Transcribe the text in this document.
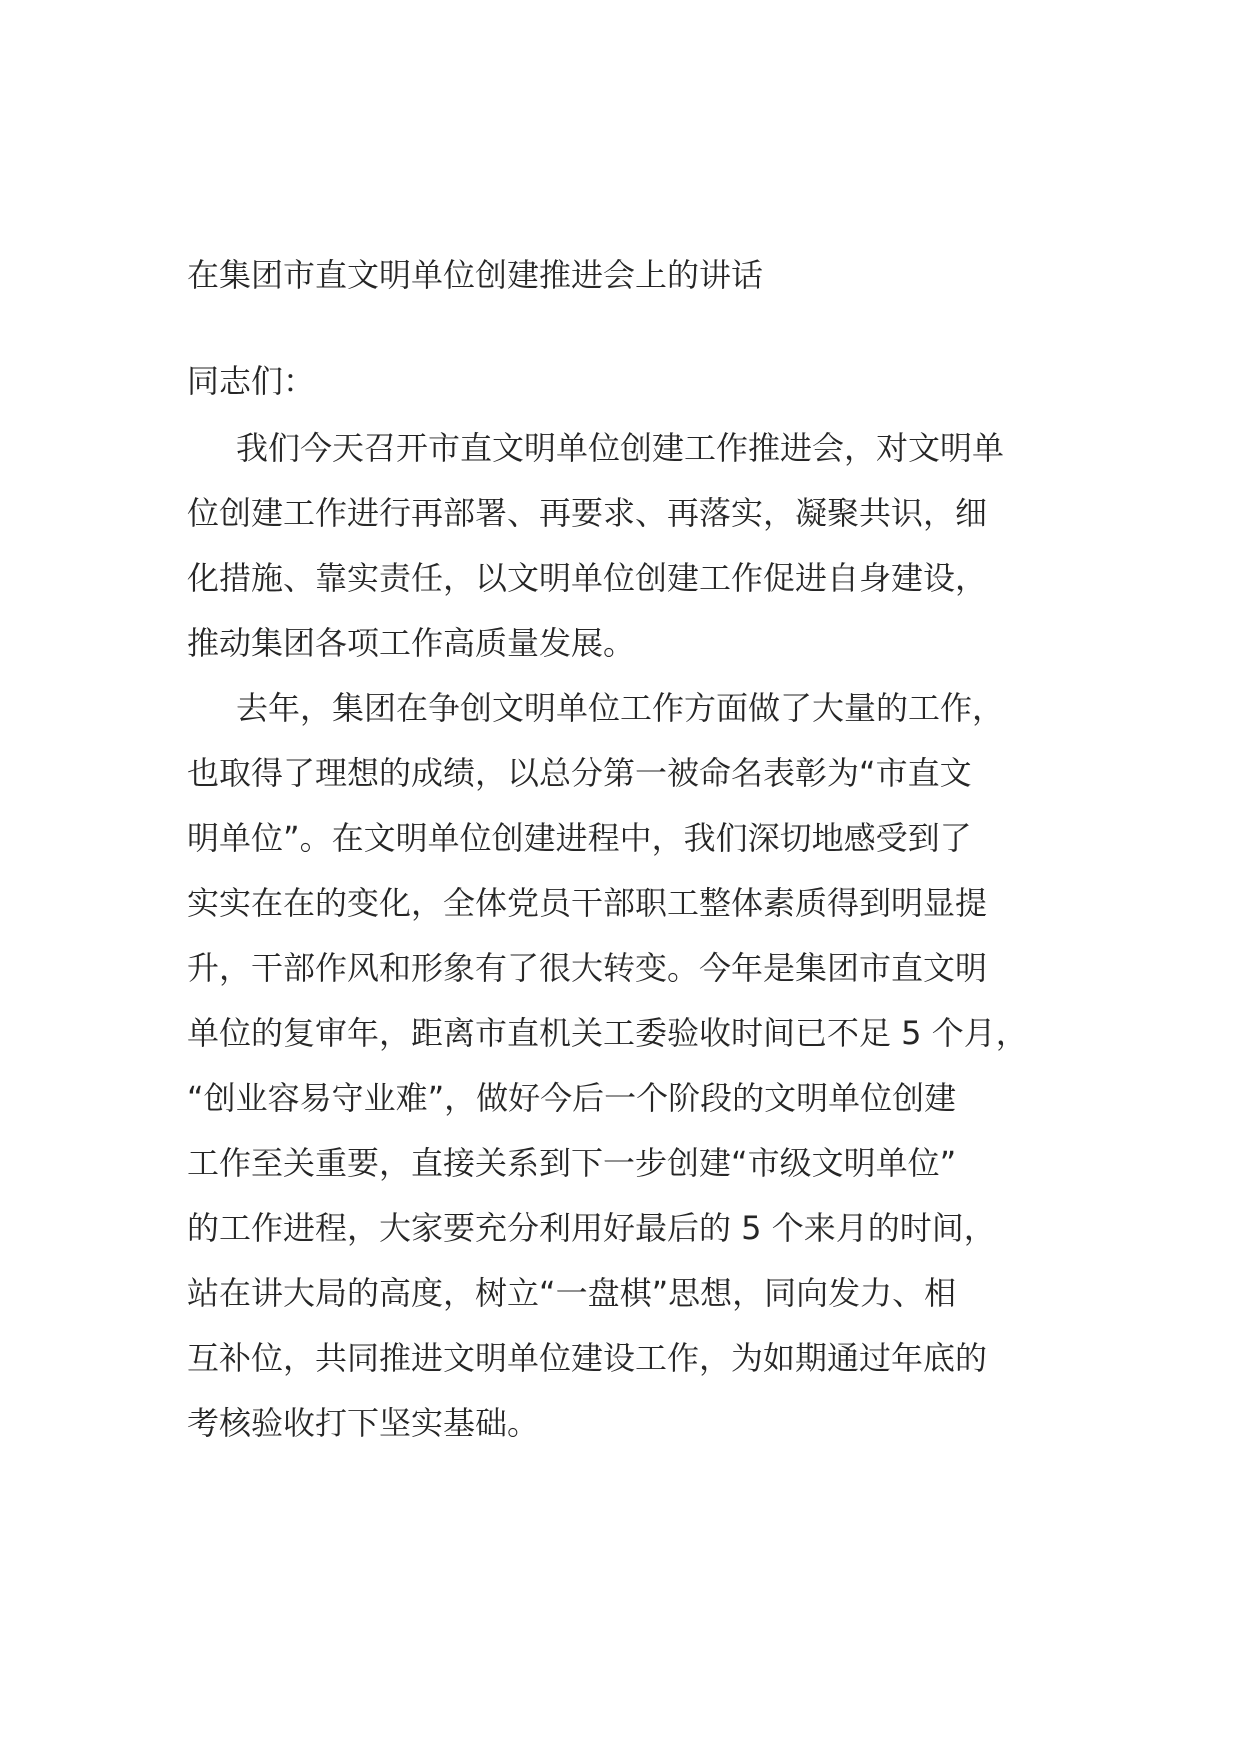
在集团市直文明单位创建推进会上的讲话

同志们：

我们今天召开市直文明单位创建工作推进会，对文明单
位创建工作进行再部署、再要求、再落实，凝聚共识，细
化措施、靠实责任，以文明单位创建工作促进自身建设，
推动集团各项工作高质量发展。
去年，集团在争创文明单位工作方面做了大量的工作，
也取得了理想的成绩，以总分第一被命名表彰为“市直文
明单位”。在文明单位创建进程中，我们深切地感受到了
实实在在的变化，全体党员干部职工整体素质得到明显提
升，干部作风和形象有了很大转变。今年是集团市直文明
单位的复审年，距离市直机关工委验收时间已不足 5 个月，
“创业容易守业难”，做好今后一个阶段的文明单位创建
工作至关重要，直接关系到下一步创建“市级文明单位”
的工作进程，大家要充分利用好最后的 5 个来月的时间，
站在讲大局的高度，树立“一盘棋”思想，同向发力、相
互补位，共同推进文明单位建设工作，为如期通过年底的
考核验收打下坚实基础。
